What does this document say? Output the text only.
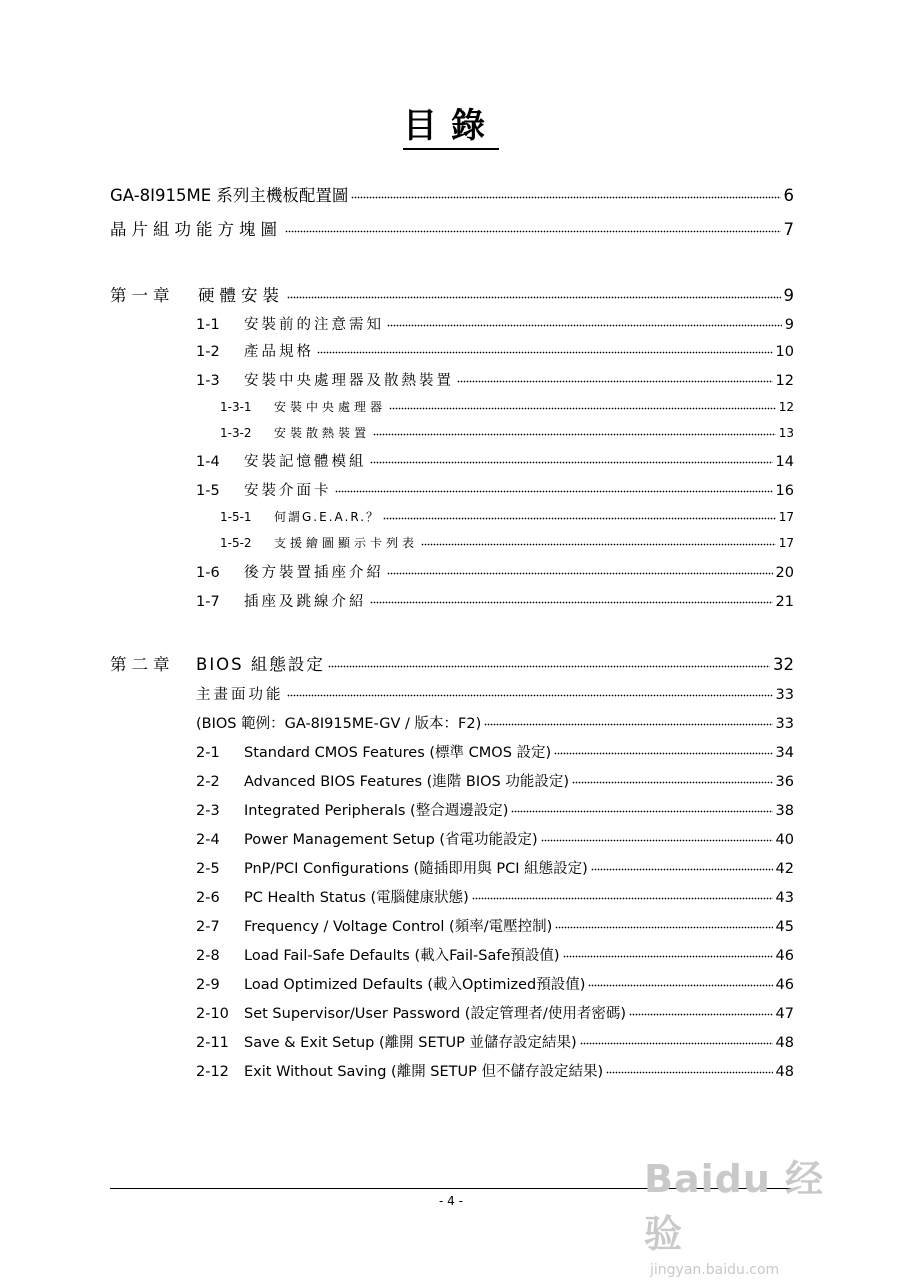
目錄
GA-8I915ME 系列主機板配置圖	6
晶片組功能方塊圖	7
第一章	硬體安裝	9
1-1	安裝前的注意需知	9
1-2	產品規格	10
1-3	安裝中央處理器及散熱裝置	12
1-3-1	安裝中央處理器	12
1-3-2	安裝散熱裝置	13
1-4	安裝記憶體模組	14
1-5	安裝介面卡	16
1-5-1	何謂G.E.A.R.？	17
1-5-2	支援繪圖顯示卡列表	17
1-6	後方裝置插座介紹	20
1-7	插座及跳線介紹	21
第二章	BIOS 組態設定	32
主畫面功能	33
(BIOS 範例：GA-8I915ME-GV / 版本：F2)	33
2-1	Standard CMOS Features (標準 CMOS 設定)	34
2-2	Advanced BIOS Features (進階 BIOS 功能設定)	36
2-3	Integrated Peripherals (整合週邊設定)	38
2-4	Power Management Setup (省電功能設定)	40
2-5	PnP/PCI Configurations (隨插即用與 PCI 組態設定)	42
2-6	PC Health Status (電腦健康狀態)	43
2-7	Frequency / Voltage Control (頻率/電壓控制)	45
2-8	Load Fail-Safe Defaults (載入Fail-Safe預設值)	46
2-9	Load Optimized Defaults (載入Optimized預設值)	46
2-10	Set Supervisor/User Password (設定管理者/使用者密碼)	47
2-11	Save & Exit Setup (離開 SETUP 並儲存設定結果)	48
2-12	Exit Without Saving (離開 SETUP 但不儲存設定結果)	48
- 4 -	Baidu 经验
jingyan.baidu.com
